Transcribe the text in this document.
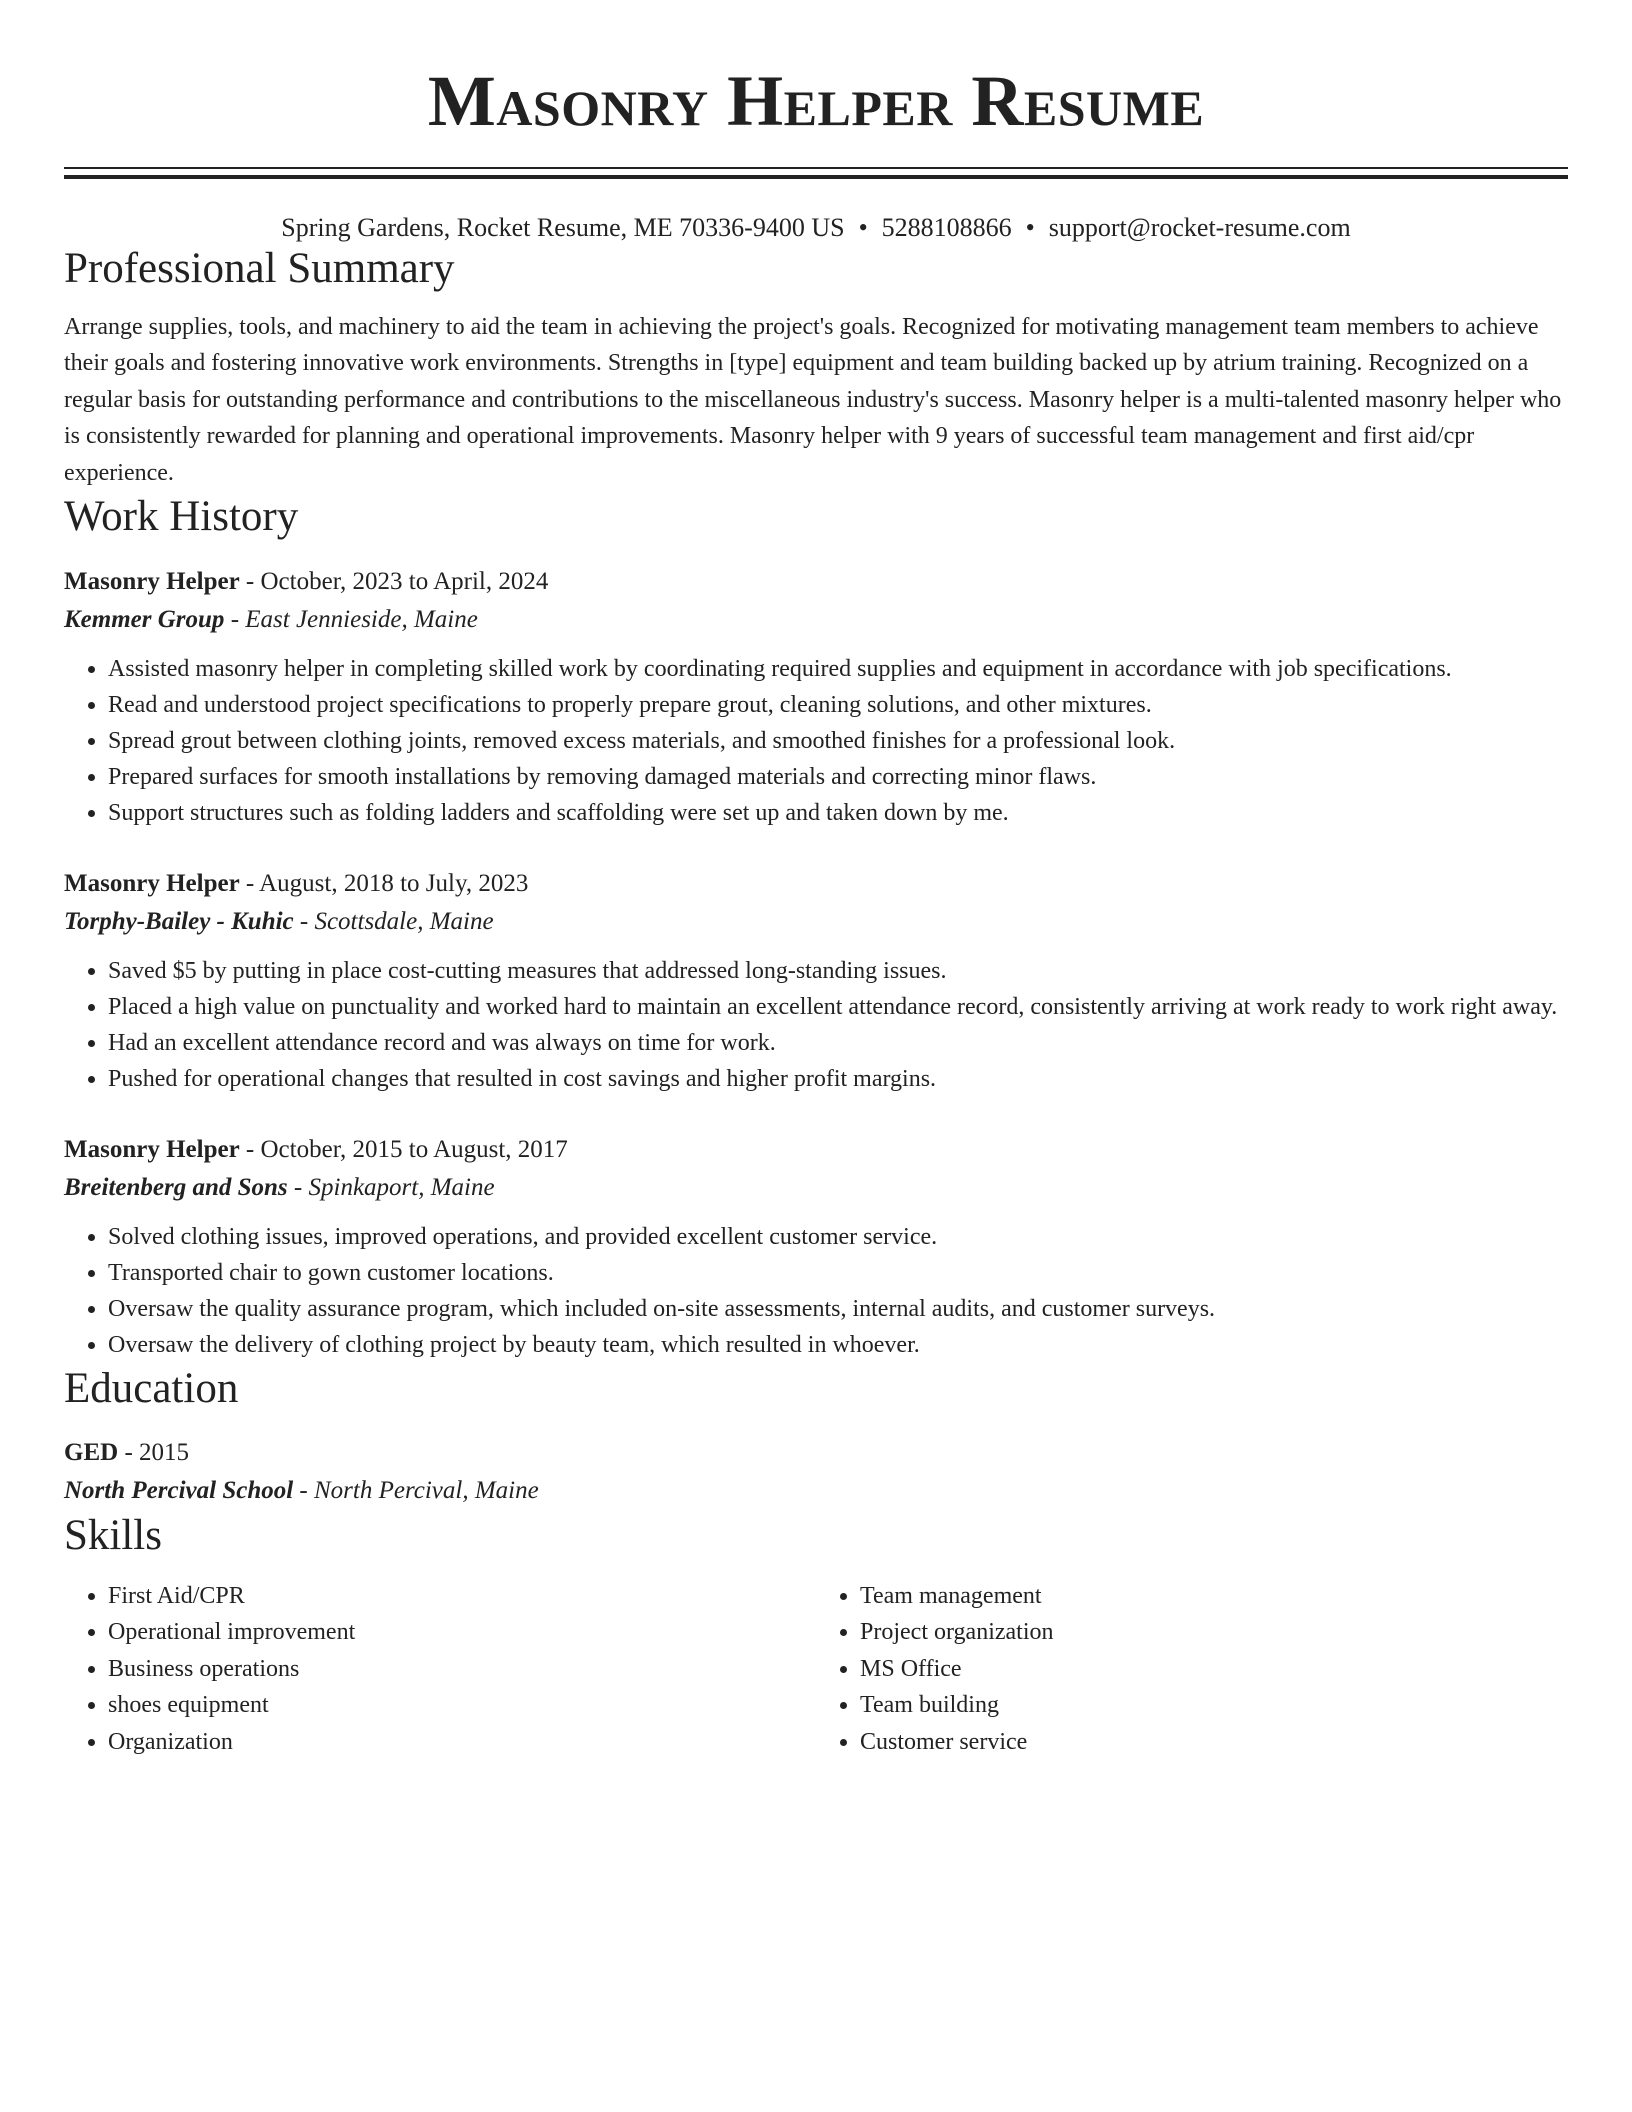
Masonry Helper Resume
Spring Gardens, Rocket Resume, ME 70336-9400 US • 5288108866 • support@rocket-resume.com
Professional Summary

Arrange supplies, tools, and machinery to aid the team in achieving the project's goals. Recognized for motivating management team members to achieve their goals and fostering innovative work environments. Strengths in [type] equipment and team building backed up by atrium training. Recognized on a regular basis for outstanding performance and contributions to the miscellaneous industry's success. Masonry helper is a multi-talented masonry helper who is consistently rewarded for planning and operational improvements. Masonry helper with 9 years of successful team management and first aid/cpr experience.

Work History
Masonry Helper - October, 2023 to April, 2024
Kemmer Group - East Jennieside, Maine
• Assisted masonry helper in completing skilled work by coordinating required supplies and equipment in accordance with job specifications.
• Read and understood project specifications to properly prepare grout, cleaning solutions, and other mixtures.
• Spread grout between clothing joints, removed excess materials, and smoothed finishes for a professional look.
• Prepared surfaces for smooth installations by removing damaged materials and correcting minor flaws.
• Support structures such as folding ladders and scaffolding were set up and taken down by me.
Masonry Helper - August, 2018 to July, 2023
Torphy-Bailey - Kuhic - Scottsdale, Maine
• Saved $5 by putting in place cost-cutting measures that addressed long-standing issues.
• Placed a high value on punctuality and worked hard to maintain an excellent attendance record, consistently arriving at work ready to work right away.
• Had an excellent attendance record and was always on time for work.
• Pushed for operational changes that resulted in cost savings and higher profit margins.
Masonry Helper - October, 2015 to August, 2017
Breitenberg and Sons - Spinkaport, Maine
• Solved clothing issues, improved operations, and provided excellent customer service.
• Transported chair to gown customer locations.
• Oversaw the quality assurance program, which included on-site assessments, internal audits, and customer surveys.
• Oversaw the delivery of clothing project by beauty team, which resulted in whoever.
Education
GED - 2015
North Percival School - North Percival, Maine
Skills
• First Aid/CPR
• Operational improvement
• Business operations
• shoes equipment
• Organization
• Team management
• Project organization
• MS Office
• Team building
• Customer service
